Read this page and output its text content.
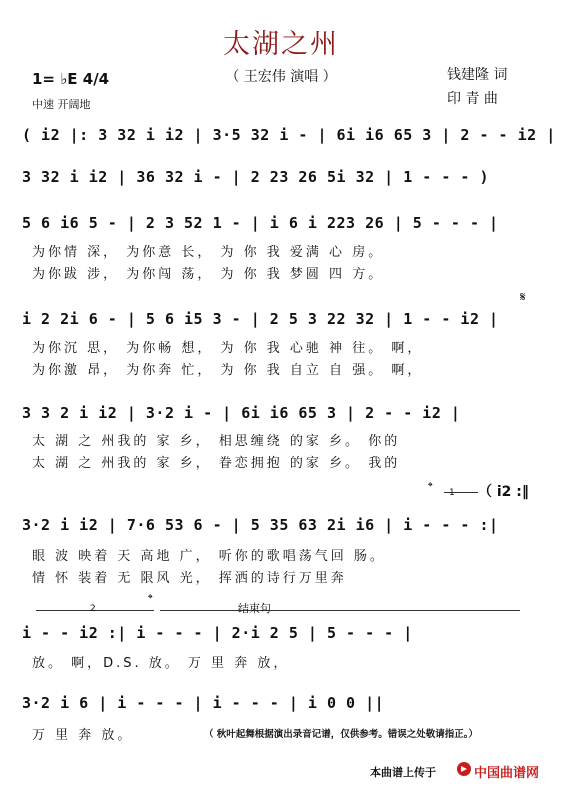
太湖之州
（ 王宏伟 演唱 ）	钱建隆 词
印 青 曲
1= ♭E 4/4
中速 开阔地
( i2 |: 3 32 i i2 | 3·5 32 i - | 6i i6 65 3 | 2 - - i2 |
3 32 i i2 | 36 32 i - | 2 23 26 5i 32 | 1 - - - )
5 6 i6 5 - | 2 3 52 1 - | i 6 i 223 26 | 5 - - - |
为你情 深， 为你意 长， 为 你 我 爱满 心 房。
为你跋 涉， 为你闯 荡， 为 你 我 梦圆 四 方。
𝄋
i 2 2i 6 - | 5 6 i5 3 - | 2 5 3 22 32 | 1 - - i2 |
为你沉 思， 为你畅 想， 为 你 我 心驰 神 往。 啊，
为你激 昂， 为你奔 忙， 为 你 我 自立 自 强。 啊，
3 3 2 i i2 | 3·2 i - | 6i i6 65 3 | 2 - - i2 |
太 湖 之 州我的 家 乡， 相思缠绕 的家 乡。 你的
太 湖 之 州我的 家 乡， 眷恋拥抱 的家 乡。 我的
𝄌 1 （ i2 :‖
3·2 i i2 | 7·6 53 6 - | 5 35 63 2i i6 | i - - - :|
眼 波 映着 天 高地 广， 听你的歌唱荡气回 肠。
情 怀 装着 无 限风 光， 挥洒的诗行万里奔
2
𝄌
结束句
i - - i2 :| i - - - | 2·i 2 5 | 5 - - - |
放。 啊，D.S. 放。 万 里 奔 放，
3·2 i 6 | i - - - | i - - - | i 0 0 ||
万 里 奔 放。	（ 秋叶起舞根据演出录音记谱，仅供参考。错误之处敬请指正。）
本曲谱上传于	中国曲谱网
